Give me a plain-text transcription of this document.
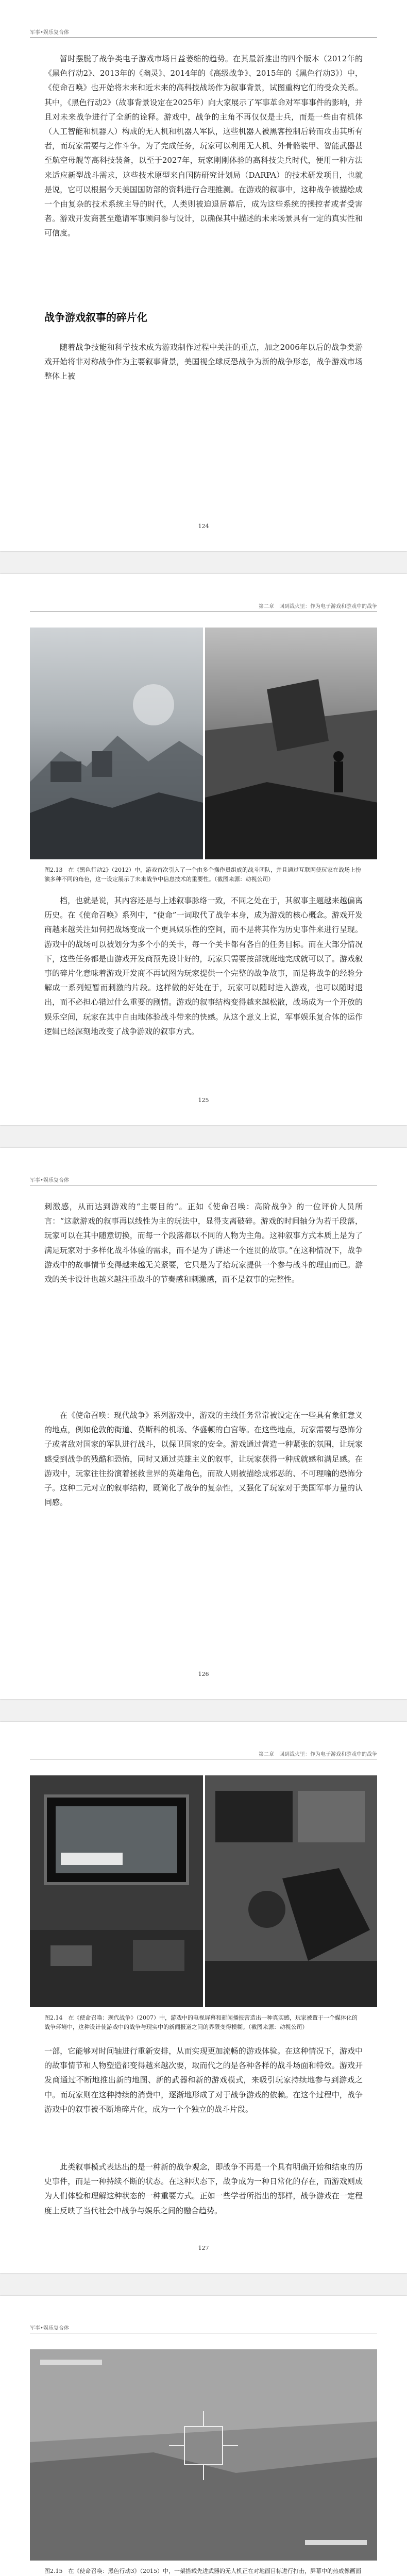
军事•娱乐复合体

暂时摆脱了战争类电子游戏市场日益萎缩的趋势。在其最新推出的四个版本（2012年的《黑色行动2》、2013年的《幽灵》、2014年的《高级战争》、2015年的《黑色行动3》）中，《使命召唤》也开始将未来和近未来的高科技战场作为叙事背景，试图重构它们的受众关系。其中，《黑色行动2》（故事背景设定在2025年）向大家展示了军事革命对军事事件的影响，并且对未来战争进行了全新的诠释。游戏中，战争的主角不再仅仅是士兵，而是一些由有机体（人工智能和机器人）构成的无人机和机器人军队，这些机器人被黑客控制后转而攻击其所有者，而玩家需要与之作斗争。为了完成任务，玩家可以利用无人机、外骨骼装甲、智能武器甚至航空母舰等高科技装备，以至于2027年，玩家刚刚体验的高科技尖兵时代，便用一种方法来适应新型战斗需求，这些技术原型来自国防研究计划局（DARPA）的技术研发项目，也就是说，它可以根据今天美国国防部的资料进行合理推测。在游戏的叙事中，这种战争被描绘成一个由复杂的技术系统主导的时代，人类则被迫退居幕后，成为这些系统的操控者或者受害者。游戏开发商甚至邀请军事顾问参与设计，以确保其中描述的未来场景具有一定的真实性和可信度。

战争游戏叙事的碎片化

随着战争技能和科学技术成为游戏制作过程中关注的重点，加之2006年以后的战争类游戏开始将非对称战争作为主要叙事背景，美国视全球反恐战争为新的战争形态，战争游戏市场整体上被

124
第二章　回到战火里：作为电子游戏和游戏中的战争
图2.13　在《黑色行动2》（2012）中，游戏首次引入了一个由多个操作员组成的战斗团队，并且通过互联网使玩家在战场上扮演多种不同的角色，这一设定展示了未来战争中信息技术的重要性。（截图来源：动视公司）

档，也就是说，其内容还是与上述叙事脉络一致，不同之处在于，其叙事主题越来越偏离历史。在《使命召唤》系列中，“使命”一词取代了战争本身，成为游戏的核心概念。游戏开发商越来越关注如何把战场变成一个更具娱乐性的空间，而不是将其作为历史事件来进行呈现。游戏中的战场可以被划分为多个小的关卡，每一个关卡都有各自的任务目标。而在大部分情况下，这些任务都是由游戏开发商预先设计好的，玩家只需要按部就班地完成就可以了。游戏叙事的碎片化意味着游戏开发商不再试图为玩家提供一个完整的战争故事，而是将战争的经验分解成一系列短暂而刺激的片段。这样做的好处在于，玩家可以随时进入游戏，也可以随时退出，而不必担心错过什么重要的剧情。游戏的叙事结构变得越来越松散，战场成为一个开放的娱乐空间，玩家在其中自由地体验战斗带来的快感。从这个意义上说，军事娱乐复合体的运作逻辑已经深刻地改变了战争游戏的叙事方式。

125
军事•娱乐复合体

刺激感，从而达到游戏的“主要目的”。正如《使命召唤：高阶战争》的一位评价人员所言：“这款游戏的叙事再以线性为主的玩法中，显得支离破碎。游戏的时间轴分为若干段落，玩家可以在其中随意切换，而每一个段落都以不同的人物为主角。这种叙事方式本质上是为了满足玩家对于多样化战斗体验的需求，而不是为了讲述一个连贯的故事。”在这种情况下，战争游戏中的故事情节变得越来越无关紧要，它只是为了给玩家提供一个参与战斗的理由而已。游戏的关卡设计也越来越注重战斗的节奏感和刺激感，而不是叙事的完整性。

在《使命召唤：现代战争》系列游戏中，游戏的主线任务常常被设定在一些具有象征意义的地点，例如伦敦的街道、莫斯科的机场、华盛顿的白宫等。在这些地点，玩家需要与恐怖分子或者敌对国家的军队进行战斗，以保卫国家的安全。游戏通过营造一种紧张的氛围，让玩家感受到战争的残酷和恐怖，同时又通过英雄主义的叙事，让玩家获得一种成就感和满足感。在游戏中，玩家往往扮演着拯救世界的英雄角色，而敌人则被描绘成邪恶的、不可理喻的恐怖分子。这种二元对立的叙事结构，既简化了战争的复杂性，又强化了玩家对于美国军事力量的认同感。

126
第二章　回到战火里：作为电子游戏和游戏中的战争
图2.14　在《使命召唤：现代战争》（2007）中，游戏中的电视屏幕和新闻播报营造出一种真实感，玩家被置于一个媒体化的战争环境中，这种设计使游戏中的战争与现实中的新闻报道之间的界限变得模糊。（截图来源：动视公司）

一部，它能够对时间轴进行重新安排，从而实现更加流畅的游戏体验。在这种情况下，游戏中的故事情节和人物塑造都变得越来越次要，取而代之的是各种各样的战斗场面和特效。游戏开发商通过不断地推出新的地图、新的武器和新的游戏模式，来吸引玩家持续地参与到游戏之中。而玩家则在这种持续的消费中，逐渐地形成了对于战争游戏的依赖。在这个过程中，战争游戏中的叙事被不断地碎片化，成为一个个独立的战斗片段。

此类叙事模式表达出的是一种新的战争观念，即战争不再是一个具有明确开始和结束的历史事件，而是一种持续不断的状态。在这种状态下，战争成为一种日常化的存在，而游戏则成为人们体验和理解这种状态的一种重要方式。正如一些学者所指出的那样，战争游戏在一定程度上反映了当代社会中战争与娱乐之间的融合趋势。

127
军事•娱乐复合体
图2.15　在《使命召唤：黑色行动3》（2015）中，一架搭载先进武器的无人机正在对地面目标进行打击，屏幕中的热成像画面
